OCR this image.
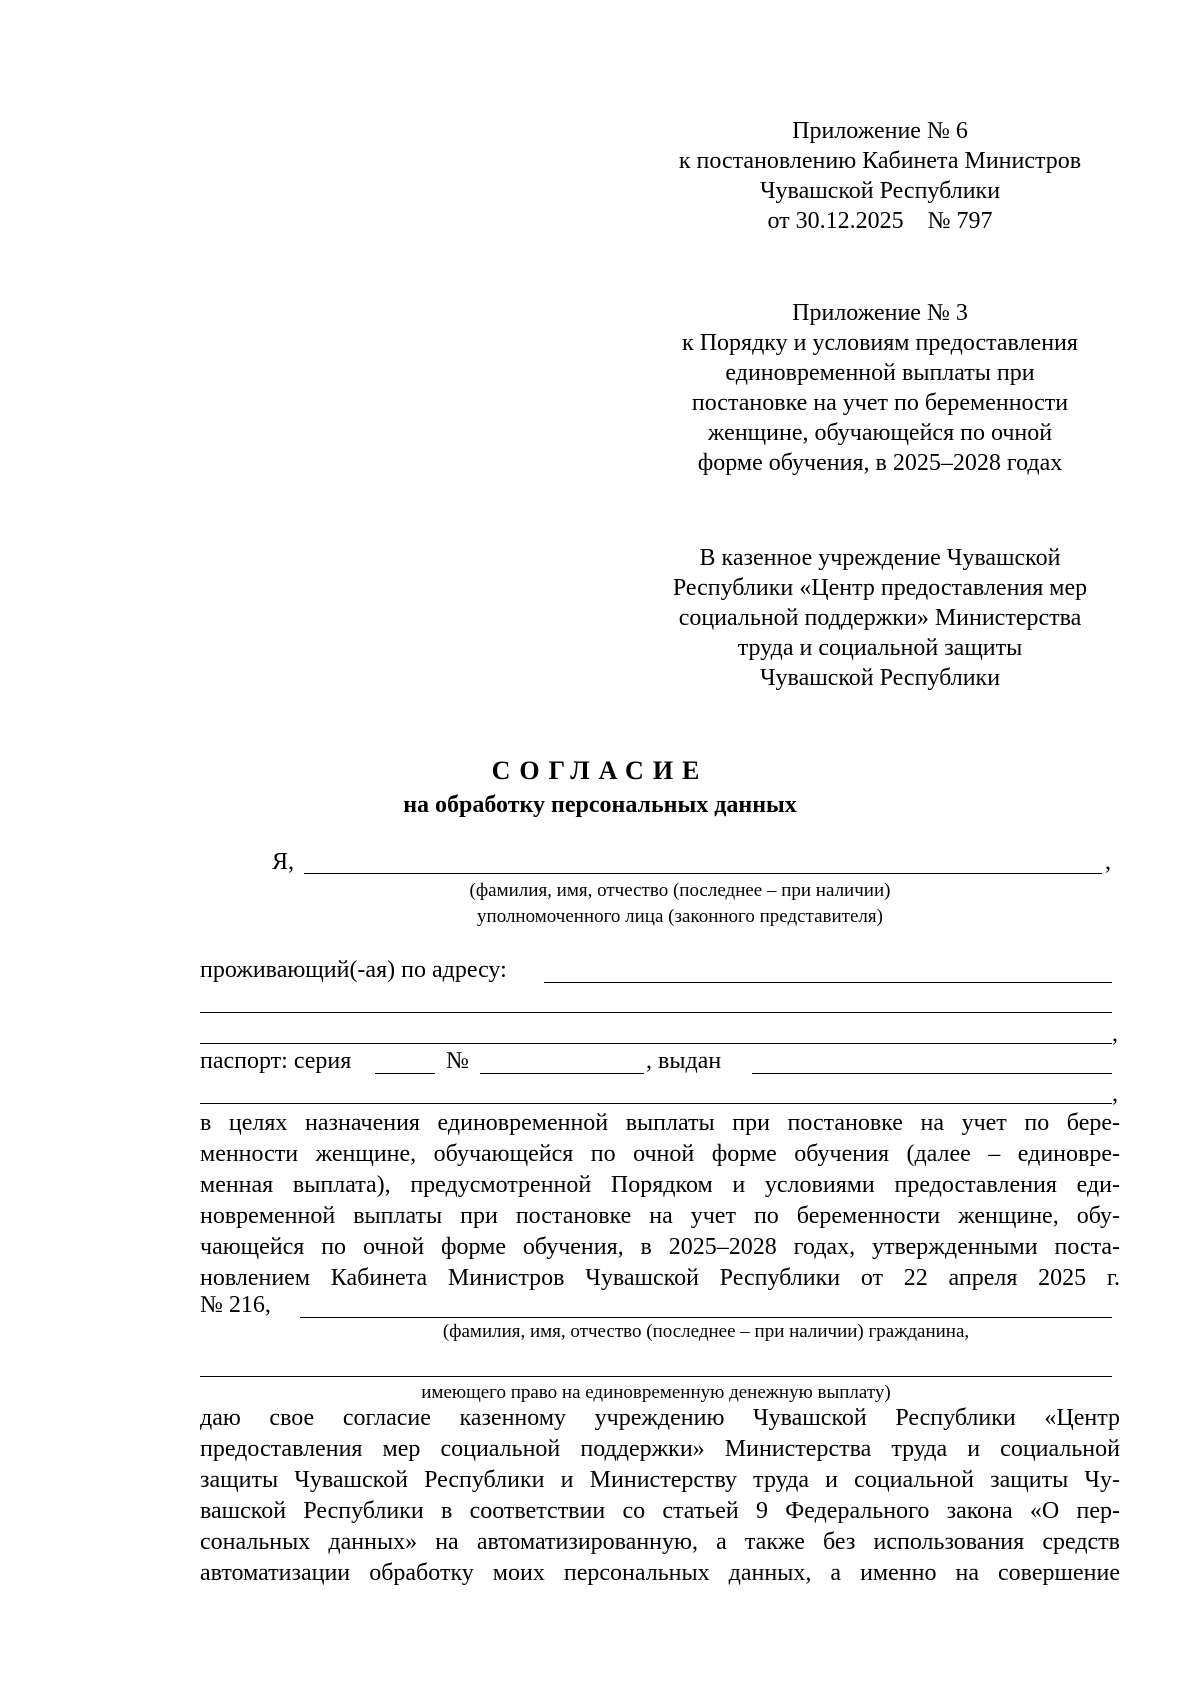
Приложение № 6
к постановлению Кабинета Министров
Чувашской Республики
от 30.12.2025    № 797
Приложение № 3
к Порядку и условиям предоставления
единовременной выплаты при
постановке на учет по беременности
женщине, обучающейся по очной
форме обучения, в 2025–2028 годах
В казенное учреждение Чувашской
Республики «Центр предоставления мер
социальной поддержки» Министерства
труда и социальной защиты
Чувашской Республики
СОГЛАСИЕ
на обработку персональных данных
Я,	,
(фамилия, имя, отчество (последнее – при наличии)
уполномоченного лица (законного представителя)
проживающий(-ая) по адресу:
,
паспорт: серия	№	, выдан
,
в целях назначения единовременной выплаты при постановке на учет по бере-
менности женщине, обучающейся по очной форме обучения (далее – единовре-
менная выплата), предусмотренной Порядком и условиями предоставления еди-
новременной выплаты при постановке на учет по беременности женщине, обу-
чающейся по очной форме обучения, в 2025–2028 годах, утвержденными поста-
новлением Кабинета Министров Чувашской Республики от 22 апреля 2025 г.
№ 216,
(фамилия, имя, отчество (последнее – при наличии) гражданина,
имеющего право на единовременную денежную выплату)
даю свое согласие казенному учреждению Чувашской Республики «Центр
предоставления мер социальной поддержки» Министерства труда и социальной
защиты Чувашской Республики и Министерству труда и социальной защиты Чу-
вашской Республики в соответствии со статьей 9 Федерального закона «О пер-
сональных данных» на автоматизированную, а также без использования средств
автоматизации обработку моих персональных данных, а именно на совершение
